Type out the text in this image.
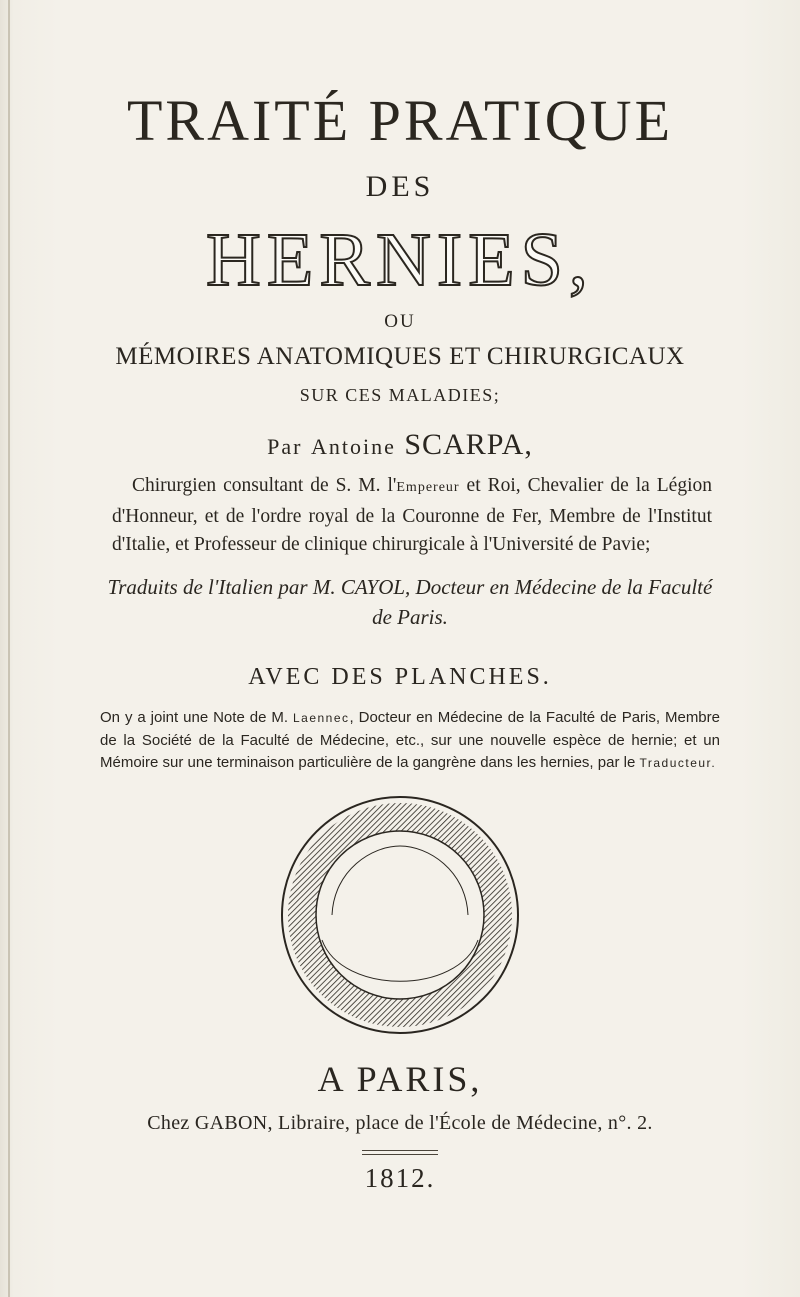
TRAITÉ PRATIQUE
DES
HERNIES,
OU
MÉMOIRES ANATOMIQUES ET CHIRURGICAUX
SUR CES MALADIES;
Par Antoine SCARPA,
Chirurgien consultant de S. M. l'Empereur et Roi, Chevalier de la Légion d'Honneur, et de l'ordre royal de la Couronne de Fer, Membre de l'Institut d'Italie, et Professeur de clinique chirurgicale à l'Université de Pavie;
Traduits de l'Italien par M. CAYOL, Docteur en Médecine de la Faculté de Paris.
AVEC DES PLANCHES.
On y a joint une Note de M. Laennec, Docteur en Médecine de la Faculté de Paris, Membre de la Société de la Faculté de Médecine, etc., sur une nouvelle espèce de hernie; et un Mémoire sur une terminaison particulière de la gangrène dans les hernies, par le Traducteur.
A PARIS,
Chez GABON, Libraire, place de l'École de Médecine, n°. 2.
1812.
